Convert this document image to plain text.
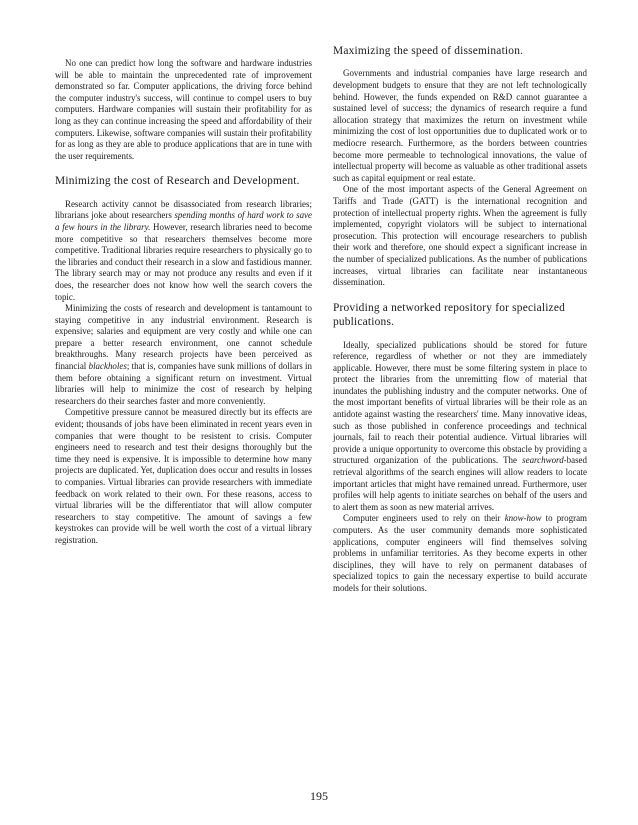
No one can predict how long the software and hardware industries will be able to maintain the unprecedented rate of improvement demonstrated so far. Computer applications, the driving force behind the computer industry's success, will continue to compel users to buy computers. Hardware companies will sustain their profitability for as long as they can continue increasing the speed and affordability of their computers. Likewise, software companies will sustain their profitability for as long as they are able to produce applications that are in tune with the user requirements.

Minimizing the cost of Research and Development.

Research activity cannot be disassociated from research libraries; librarians joke about researchers spending months of hard work to save a few hours in the library. However, research libraries need to become more competitive so that researchers themselves become more competitive. Traditional libraries require researchers to physically go to the libraries and conduct their research in a slow and fastidious manner. The library search may or may not produce any results and even if it does, the researcher does not know how well the search covers the topic.

Minimizing the costs of research and development is tantamount to staying competitive in any industrial environment. Research is expensive; salaries and equipment are very costly and while one can prepare a better research environment, one cannot schedule breakthroughs. Many research projects have been perceived as financial blackholes; that is, companies have sunk millions of dollars in them before obtaining a significant return on investment. Virtual libraries will help to minimize the cost of research by helping researchers do their searches faster and more conveniently.

Competitive pressure cannot be measured directly but its effects are evident; thousands of jobs have been eliminated in recent years even in companies that were thought to be resistent to crisis. Computer engineers need to research and test their designs thoroughly but the time they need is expensive. It is impossible to determine how many projects are duplicated. Yet, duplication does occur and results in losses to companies. Virtual libraries can provide researchers with immediate feedback on work related to their own. For these reasons, access to virtual libraries will be the differentiator that will allow computer researchers to stay competitive. The amount of savings a few keystrokes can provide will be well worth the cost of a virtual library registration.

Maximizing the speed of dissemination.

Governments and industrial companies have large research and development budgets to ensure that they are not left technologically behind. However, the funds expended on R&D cannot guarantee a sustained level of success; the dynamics of research require a fund allocation strategy that maximizes the return on investment while minimizing the cost of lost opportunities due to duplicated work or to mediocre research. Furthermore, as the borders between countries become more permeable to technological innovations, the value of intellectual property will become as valuable as other traditional assets such as capital equipment or real estate.

One of the most important aspects of the General Agreement on Tariffs and Trade (GATT) is the international recognition and protection of intellectual property rights. When the agreement is fully implemented, copyright violators will be subject to international prosecution. This protection will encourage researchers to publish their work and therefore, one should expect a significant increase in the number of specialized publications. As the number of publications increases, virtual libraries can facilitate near instantaneous dissemination.

Providing a networked repository for specialized publications.

Ideally, specialized publications should be stored for future reference, regardless of whether or not they are immediately applicable. However, there must be some filtering system in place to protect the libraries from the unremitting flow of material that inundates the publishing industry and the computer networks. One of the most important benefits of virtual libraries will be their role as an antidote against wasting the researchers' time. Many innovative ideas, such as those published in conference proceedings and technical journals, fail to reach their potential audience. Virtual libraries will provide a unique opportunity to overcome this obstacle by providing a structured organization of the publications. The searchword-based retrieval algorithms of the search engines will allow readers to locate important articles that might have remained unread. Furthermore, user profiles will help agents to initiate searches on behalf of the users and to alert them as soon as new material arrives.

Computer engineers used to rely on their know-how to program computers. As the user community demands more sophisticated applications, computer engineers will find themselves solving problems in unfamiliar territories. As they become experts in other disciplines, they will have to rely on permanent databases of specialized topics to gain the necessary expertise to build accurate models for their solutions.

195
